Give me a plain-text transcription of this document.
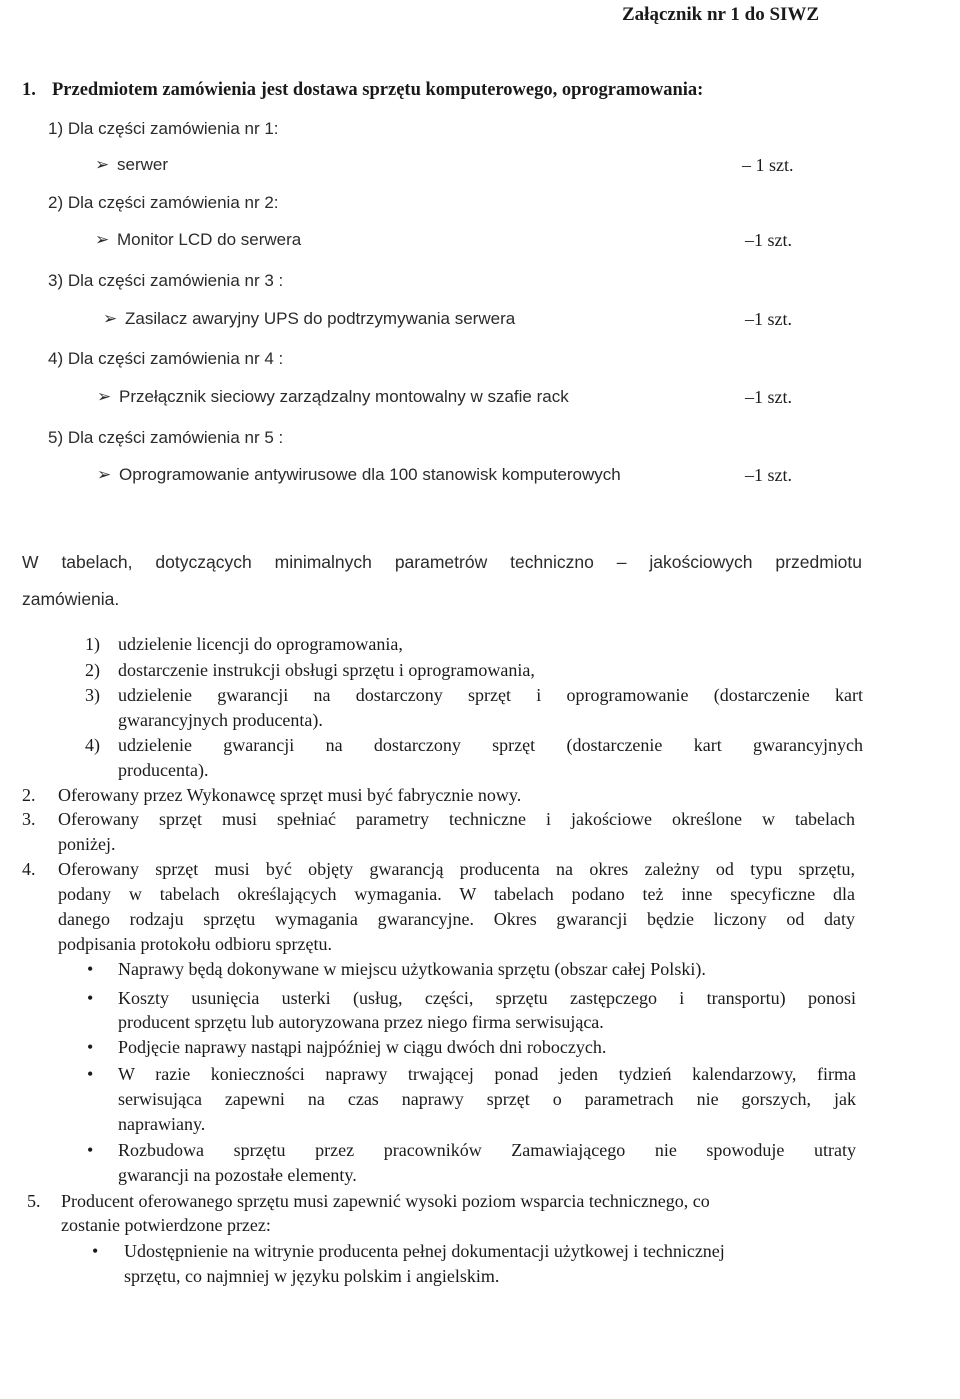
Załącznik nr 1 do SIWZ
1. Przedmiotem zamówienia jest dostawa sprzętu komputerowego, oprogramowania:
1) Dla części zamówienia nr 1:
➢ serwer	– 1 szt.
2) Dla części zamówienia nr 2:
➢ Monitor LCD do serwera	–1 szt.
3) Dla części zamówienia nr 3 :
➢ Zasilacz awaryjny UPS do podtrzymywania serwera	–1 szt.
4) Dla części zamówienia nr 4 :
➢ Przełącznik sieciowy zarządzalny montowalny w szafie rack	–1 szt.
5) Dla części zamówienia nr 5 :
➢ Oprogramowanie antywirusowe dla 100 stanowisk komputerowych	–1 szt.
W tabelach, dotyczących minimalnych parametrów techniczno – jakościowych przedmiotu
zamówienia.
1) udzielenie licencji do oprogramowania,
2) dostarczenie instrukcji obsługi sprzętu i oprogramowania,
3) udzielenie gwarancji na dostarczony sprzęt i oprogramowanie (dostarczenie kart
gwarancyjnych producenta).
4) udzielenie gwarancji na dostarczony sprzęt (dostarczenie kart gwarancyjnych
producenta).
2. Oferowany przez Wykonawcę sprzęt musi być fabrycznie nowy.
3. Oferowany sprzęt musi spełniać parametry techniczne i jakościowe określone w tabelach
poniżej.
4. Oferowany sprzęt musi być objęty gwarancją producenta na okres zależny od typu sprzętu,
podany w tabelach określających wymagania. W tabelach podano też inne specyficzne dla
danego rodzaju sprzętu wymagania gwarancyjne. Okres gwarancji będzie liczony od daty
podpisania protokołu odbioru sprzętu.
• Naprawy będą dokonywane w miejscu użytkowania sprzętu (obszar całej Polski).
• Koszty usunięcia usterki (usług, części, sprzętu zastępczego i transportu) ponosi
producent sprzętu lub autoryzowana przez niego firma serwisująca.
• Podjęcie naprawy nastąpi najpóźniej w ciągu dwóch dni roboczych.
• W razie konieczności naprawy trwającej ponad jeden tydzień kalendarzowy, firma
serwisująca zapewni na czas naprawy sprzęt o parametrach nie gorszych, jak
naprawiany.
• Rozbudowa sprzętu przez pracowników Zamawiającego nie spowoduje utraty
gwarancji na pozostałe elementy.
5. Producent oferowanego sprzętu musi zapewnić wysoki poziom wsparcia technicznego, co
zostanie potwierdzone przez:
• Udostępnienie na witrynie producenta pełnej dokumentacji użytkowej i technicznej
sprzętu, co najmniej w języku polskim i angielskim.
